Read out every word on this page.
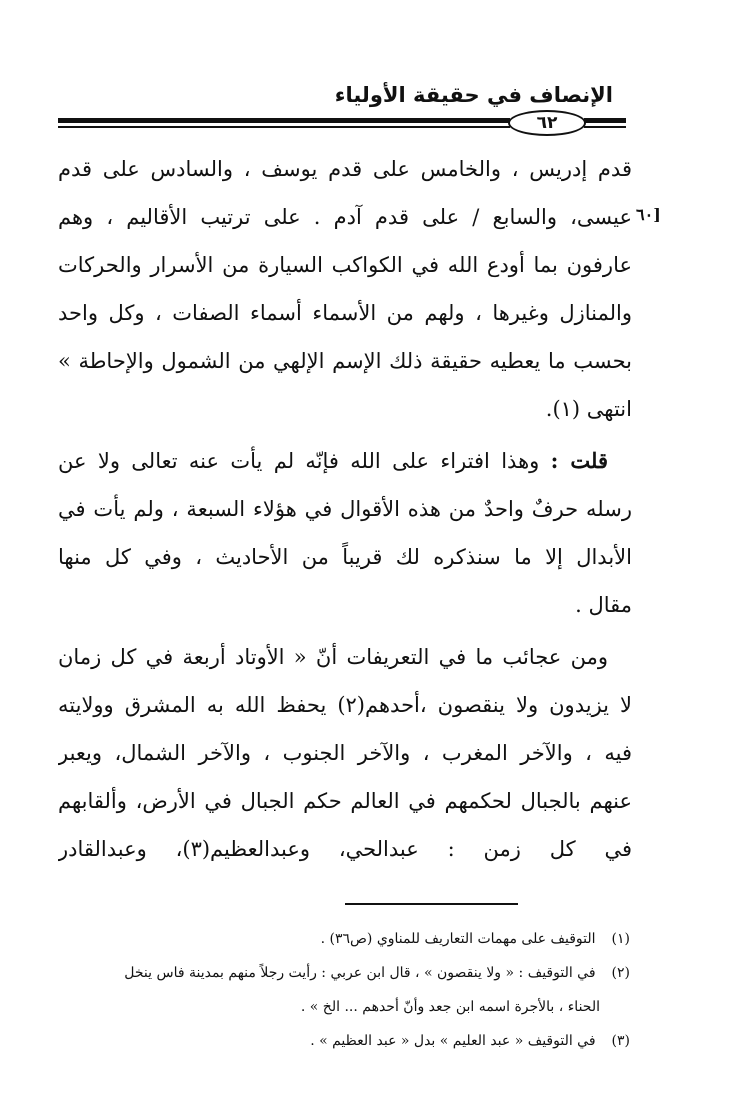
الإنصاف في حقيقة الأولياء
٦٢
٦٠]
قدم إدريس ، والخامس على قدم يوسف ، والسادس على قدم
عيسى، والسابع / على قدم آدم . على ترتيب الأقاليم ، وهم
عارفون بما أودع الله في الكواكب السيارة من الأسرار والحركات
والمنازل وغيرها ، ولهم من الأسماء أسماء الصفات ، وكل واحد
بحسب ما يعطيه حقيقة ذلك الإسم الإلهي من الشمول والإحاطة »
انتهى (١).
قلت : وهذا افتراء على الله فإنّه لم يأت عنه تعالى ولا عن
رسله حرفٌ واحدٌ من هذه الأقوال في هؤلاء السبعة ، ولم يأت في
الأبدال إلا ما سنذكره لك قريباً من الأحاديث ، وفي كل منها
مقال .
ومن عجائب ما في التعريفات أنّ « الأوتاد أربعة في كل زمان
لا يزيدون ولا ينقصون ،أحدهم(٢) يحفظ الله به المشرق وولايته
فيه ، والآخر المغرب ، والآخر الجنوب ، والآخر الشمال، ويعبر
عنهم بالجبال لحكمهم في العالم حكم الجبال في الأرض، وألقابهم
في كل زمن : عبدالحي، وعبدالعظيم(٣)، وعبدالقادر
(١) التوقيف على مهمات التعاريف للمناوي (ص٣٦) .
(٢) في التوقيف : « ولا ينقصون » ، قال ابن عربي : رأيت رجلاً منهم بمدينة فاس ينخل
الحناء ، بالأجرة اسمه ابن جعد وأنّ أحدهم ... الخ » .
(٣) في التوقيف « عبد العليم » بدل « عبد العظيم » .
